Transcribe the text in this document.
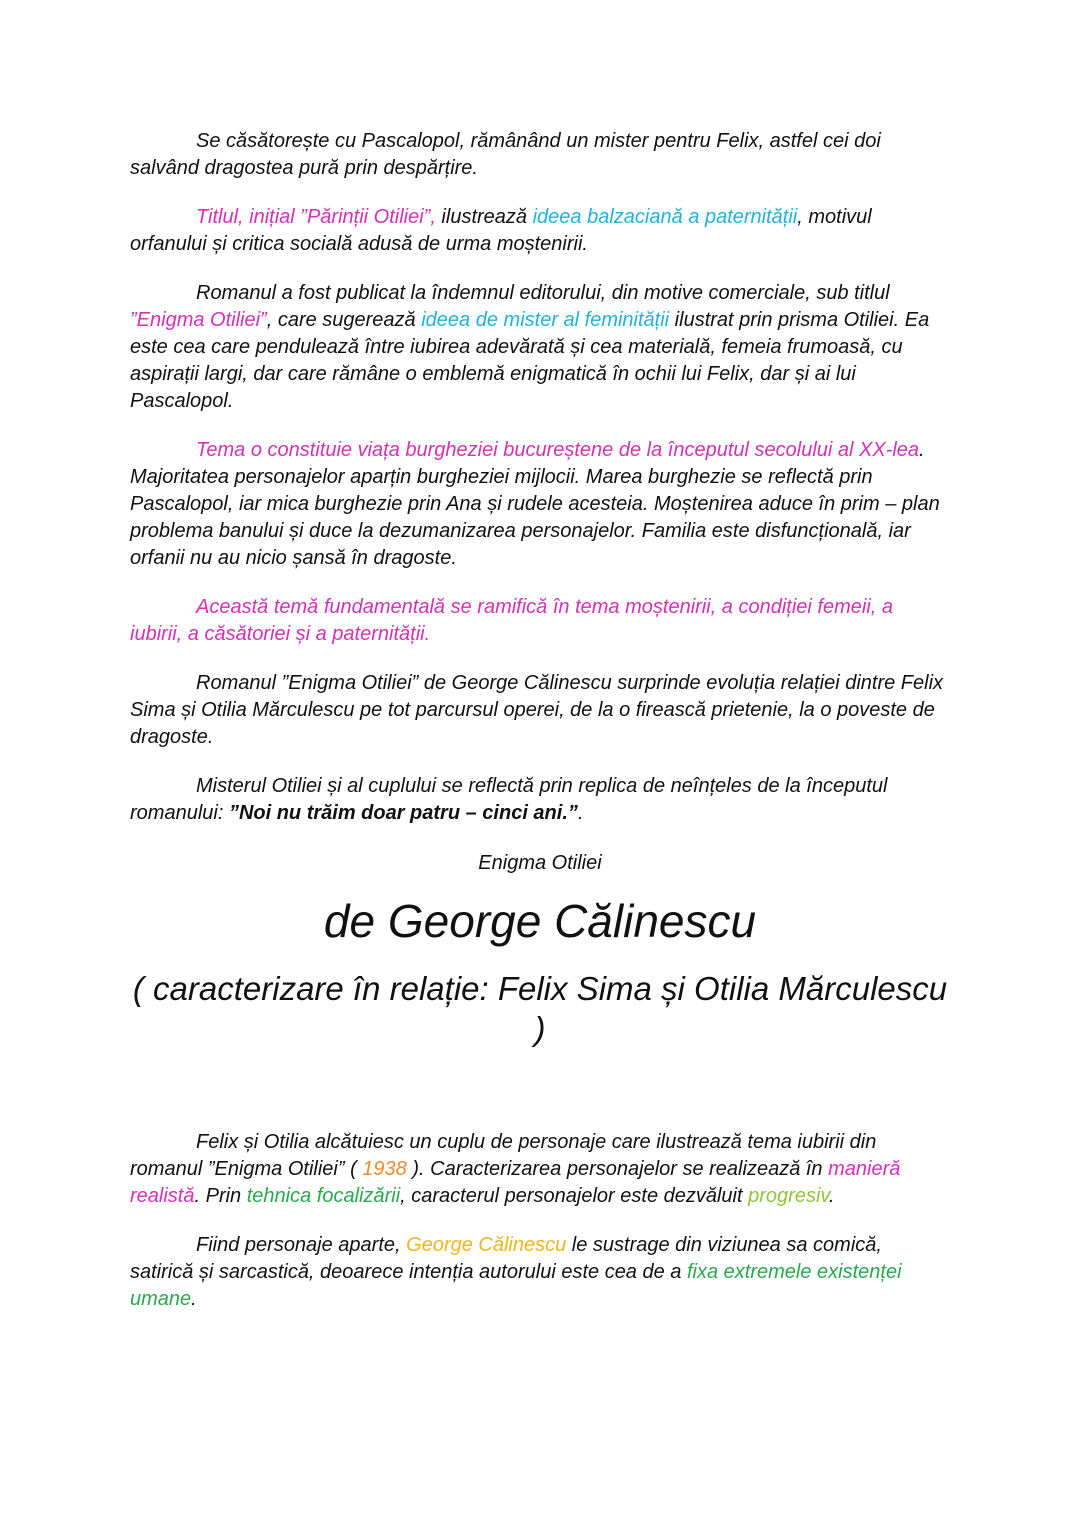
Se căsătorește cu Pascalopol, rămânând un mister pentru Felix, astfel cei doi salvând dragostea pură prin despărțire.

Titlul, inițial ”Părinții Otiliei”, ilustrează ideea balzaciană a paternității, motivul orfanului și critica socială adusă de urma moștenirii.

Romanul a fost publicat la îndemnul editorului, din motive comerciale, sub titlul ”Enigma Otiliei”, care sugerează ideea de mister al feminității ilustrat prin prisma Otiliei. Ea este cea care pendulează între iubirea adevărată și cea materială, femeia frumoasă, cu aspirații largi, dar care rămâne o emblemă enigmatică în ochii lui Felix, dar și ai lui Pascalopol.

Tema o constituie viața burgheziei bucureștene de la începutul secolului al XX-lea. Majoritatea personajelor aparțin burgheziei mijlocii. Marea burghezie se reflectă prin Pascalopol, iar mica burghezie prin Ana și rudele acesteia. Moștenirea aduce în prim – plan problema banului și duce la dezumanizarea personajelor. Familia este disfuncțională, iar orfanii nu au nicio șansă în dragoste.

Această temă fundamentală se ramifică în tema moștenirii, a condiției femeii, a iubirii, a căsătoriei și a paternității.

Romanul ”Enigma Otiliei” de George Călinescu surprinde evoluția relației dintre Felix Sima și Otilia Mărculescu pe tot parcursul operei, de la o firească prietenie, la o poveste de dragoste.

Misterul Otiliei și al cuplului se reflectă prin replica de neînțeles de la începutul romanului: ”Noi nu trăim doar patru – cinci ani.”.

Enigma Otiliei
de George Călinescu
( caracterizare în relație: Felix Sima și Otilia Mărculescu )

Felix și Otilia alcătuiesc un cuplu de personaje care ilustrează tema iubirii din romanul ”Enigma Otiliei” ( 1938 ). Caracterizarea personajelor se realizează în manieră realistă. Prin tehnica focalizării, caracterul personajelor este dezvăluit progresiv.

Fiind personaje aparte, George Călinescu le sustrage din viziunea sa comică, satirică și sarcastică, deoarece intenția autorului este cea de a fixa extremele existenței umane.
